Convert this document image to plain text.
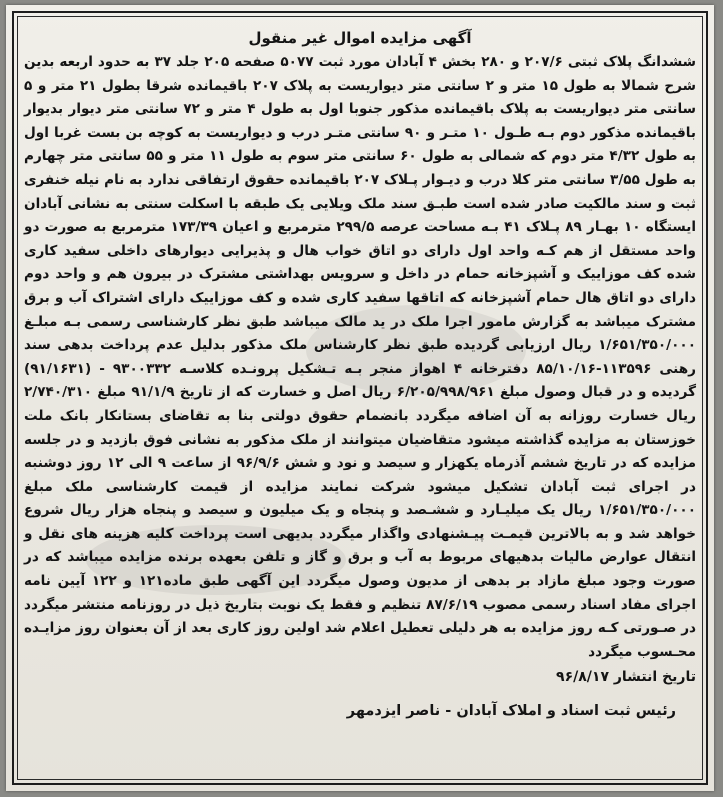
آگهی مزایده اموال غیر منقول

ششدانگ پلاک ثبتی ۲۰۷/۶ و ۲۸۰ بخش ۴ آبادان مورد ثبت ۵۰۷۷ صفحه ۲۰۵ جلد ۳۷ به حدود اربعه بدین شرح شمالا به طول ۱۵ متر و ۲ سانتی متر دیواریست به پلاک ۲۰۷ باقیمانده شرقا بطول ۲۱ متر و ۵ سانتی متر دیواریست به پلاک باقیمانده مذکور جنوبا اول به طول ۴ متر و ۷۲ سانتی متر دیوار بدیوار باقیمانده مذکور دوم بـه طـول ۱۰ متـر و ۹۰ سانتی متـر درب و دیواریست به کوچه بن بست غربا اول به طول ۴/۳۲ متر دوم که شمالی به طول ۶۰ سانتی متر سوم به طول ۱۱ متر و ۵۵ سانتی متر چهارم به طول ۳/۵۵ سانتی متر کلا درب و دیـوار پـلاک ۲۰۷ باقیمانده حقوق ارتفاقی ندارد به نام نیله خنفری ثبت و سند مالکیت صادر شده است طبـق سند ملک ویلایی یک طبقه با اسکلت سنتی به نشانی آبادان ایستگاه ۱۰ بهـار ۸۹ پـلاک ۴۱ بـه مساحت عرصه ۲۹۹/۵ مترمربع و اعیان ۱۷۳/۳۹ مترمربع به صورت دو واحد مستقل از هم کـه واحد اول دارای دو اتاق خواب هال و پذیرایی دیوارهای داخلی سفید کاری شده کف موزاییک و آشپزخانه حمام در داخل و سرویس بهداشتی مشترک در بیرون هم و واحد دوم دارای دو اتاق هال حمام آشپزخانه که اتاقها سفید کاری شده و کف موزاییک دارای اشتراک آب و برق مشترک میباشد به گزارش مامور اجرا ملک در ید مالک میباشد طبق نظر کارشناسی رسمی بـه مبلـغ ۱/۶۵۱/۳۵۰/۰۰۰ ریال ارزیابی گردیده طبق نظر کارشناس ملک مذکور بدلیل عدم پرداخت بدهی سند رهنی ۱۱۳۵۹۶-۸۵/۱۰/۱۶ دفترخانه ۴ اهواز منجر بـه تـشکیل پرونـده کلاسـه ۹۳۰۰۳۳۲ - (۹۱/۱۶۳۱) گردیده و در قبال وصول مبلغ ۶/۲۰۵/۹۹۸/۹۶۱ ریال اصل و خسارت که از تاریخ ۹۱/۱/۹ مبلغ ۲/۷۴۰/۳۱۰ ریال خسارت روزانه به آن اضافه میگردد بانضمام حقوق دولتی بنا به تقاضای بستانکار بانک ملت خوزستان به مزایده گذاشته میشود متقاضیان میتوانند از ملک مذکور به نشانی فوق بازدید و در جلسه مزایده که در تاریخ ششم آذرماه یکهزار و سیصد و نود و شش ۹۶/۹/۶ از ساعت ۹ الی ۱۲ روز دوشنبه در اجرای ثبت آبادان تشکیل میشود شرکت نمایند مزایده از قیمت کارشناسی ملک مبلغ ۱/۶۵۱/۳۵۰/۰۰۰ ریال یک میلیـارد و ششـصد و پنجاه و یک میلیون و سیصد و پنجاه هزار ریال شروع خواهد شد و به بالاترین قیمـت پیـشنهادی واگذار میگردد بدیهی است پرداخت کلیه هزینه های نقل و انتقال عوارض مالیات بدهیهای مربوط به آب و برق و گاز و تلفن بعهده برنده مزایده میباشد که در صورت وجود مبلغ مازاد بر بدهی از مدیون وصول میگردد این آگهی طبق ماده۱۲۱ و ۱۲۲ آیین نامه اجرای مفاد اسناد رسمی مصوب ۸۷/۶/۱۹ تنظیم و فقط یک نوبت بتاریخ ذیل در روزنامه منتشر میگردد در صـورتی کـه روز مزایده به هر دلیلی تعطیل اعلام شد اولین روز کاری بعد از آن بعنوان روز مزایـده محـسوب میگردد

تاریخ انتشار ۹۶/۸/۱۷
رئیس ثبت اسناد و املاک آبادان - ناصر ایزدمهر
